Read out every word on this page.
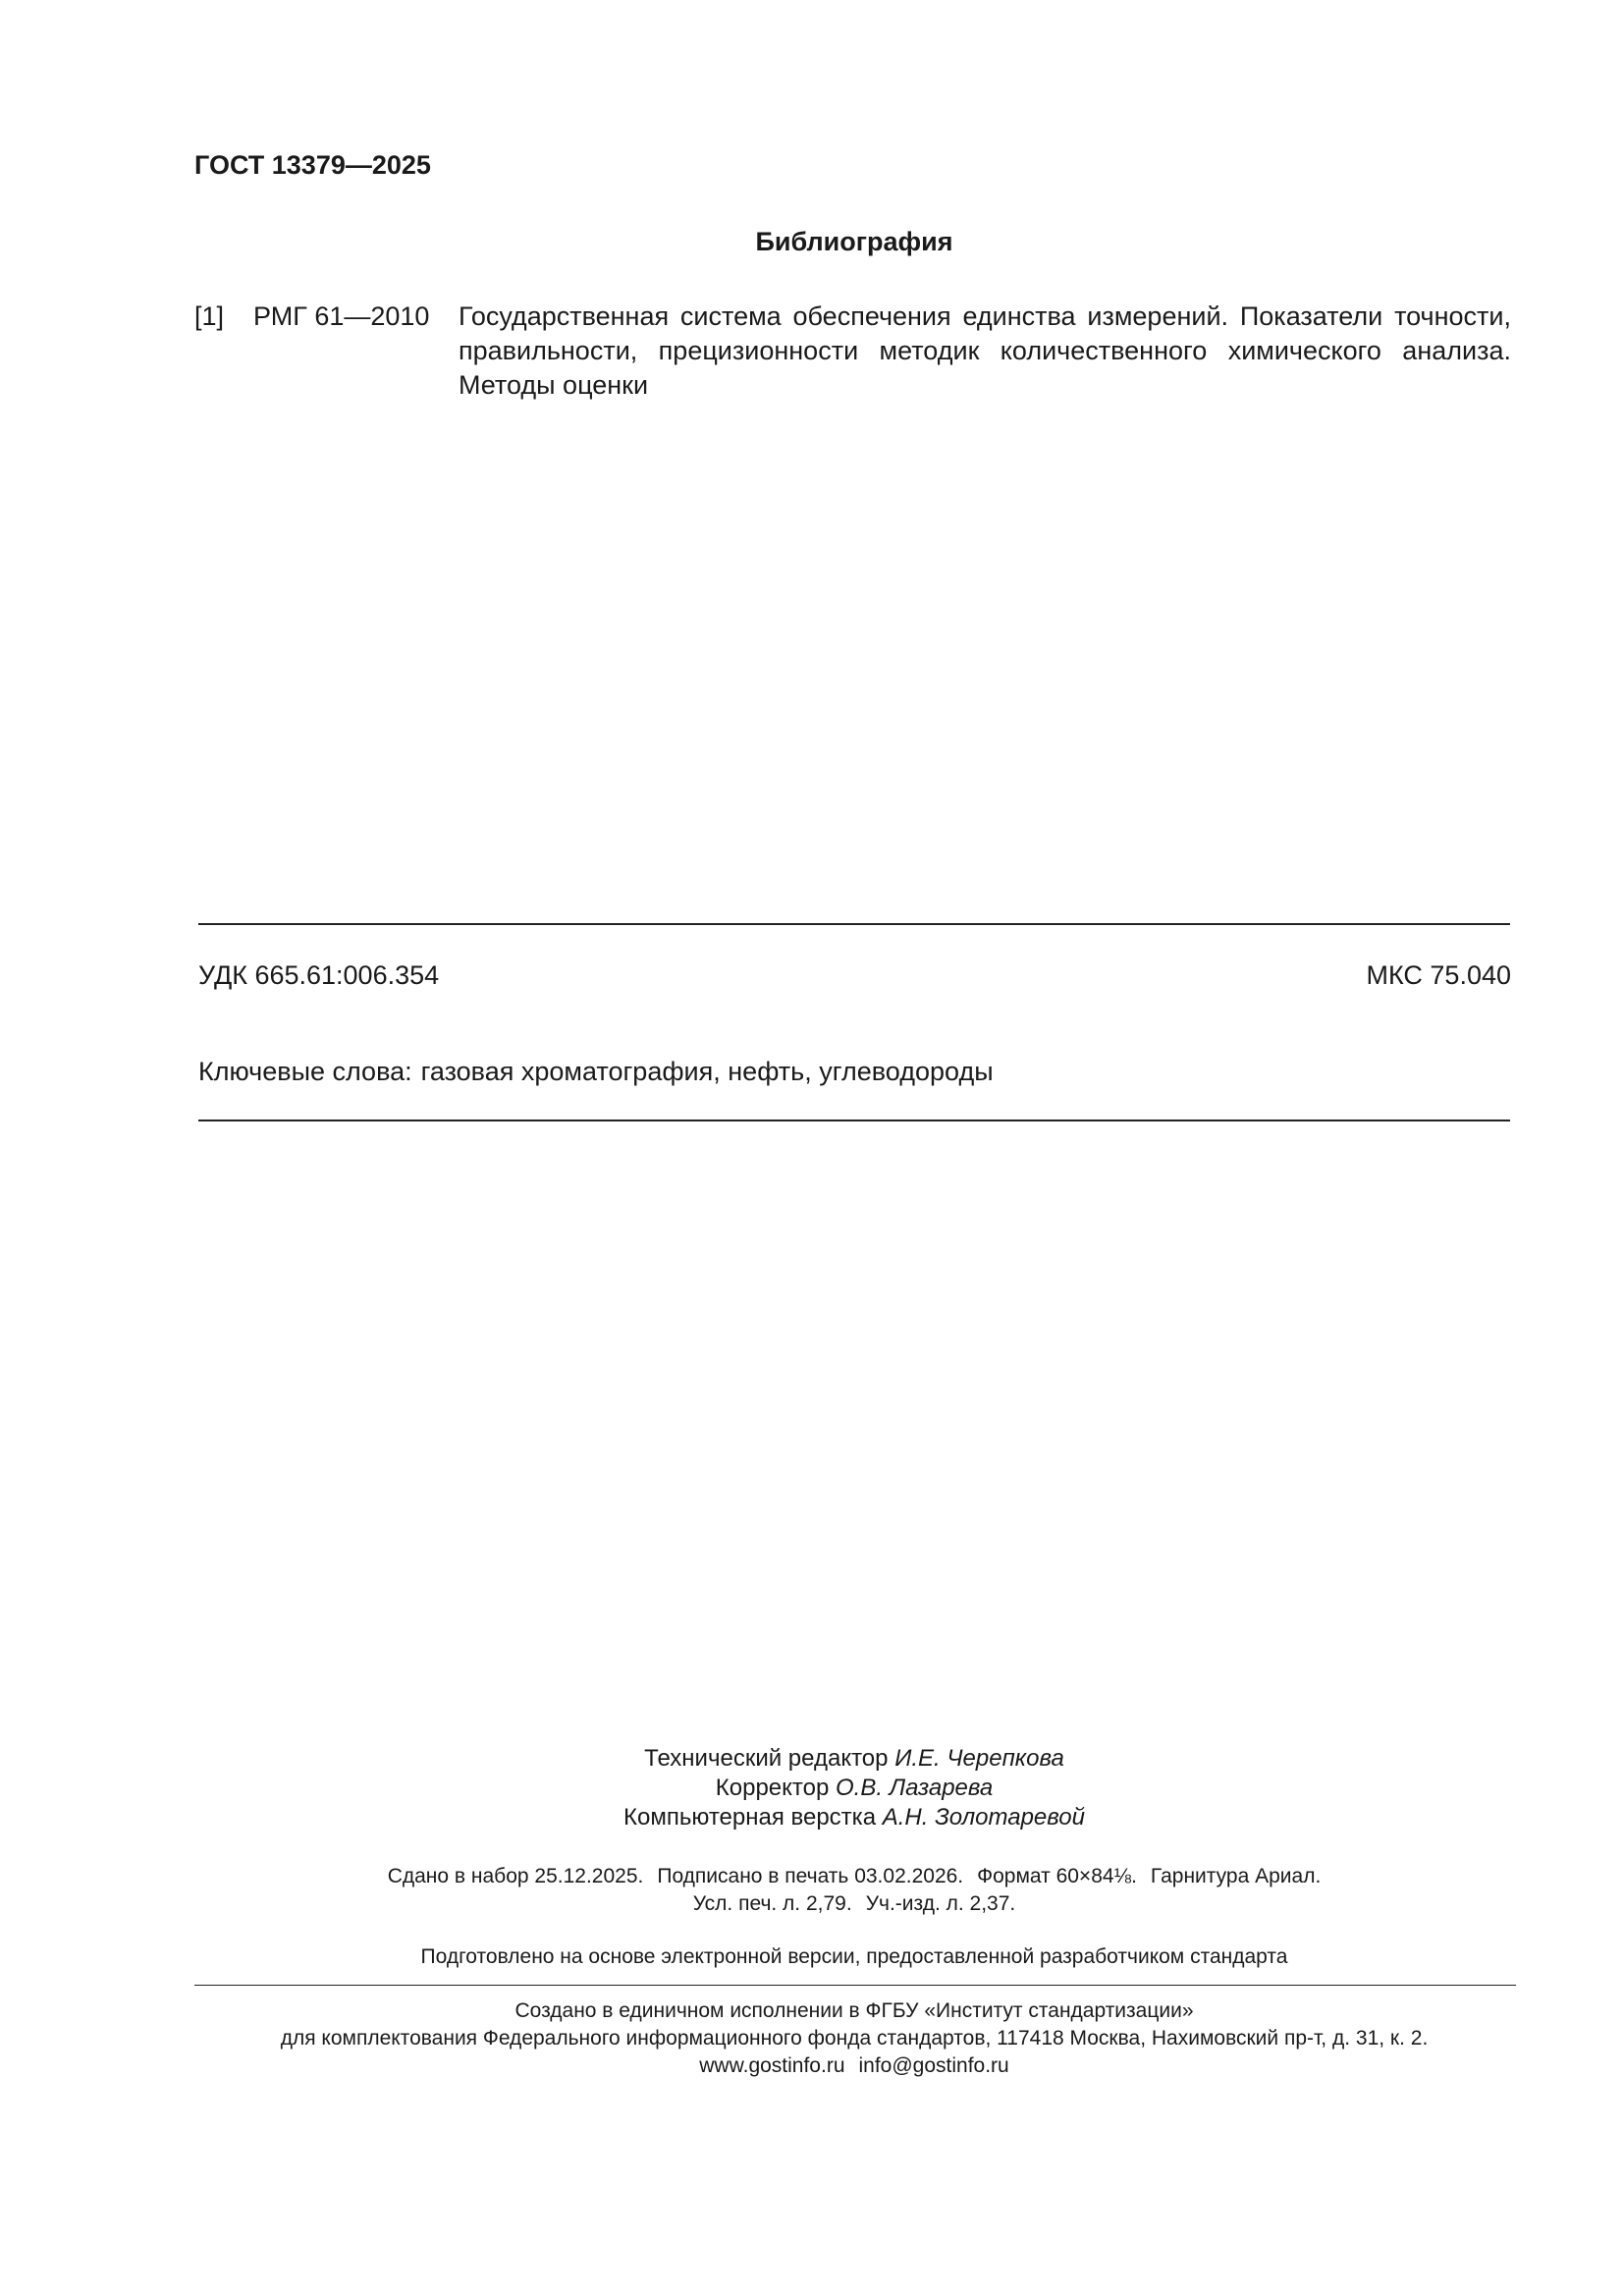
ГОСТ 13379—2025
Библиография
[1] РМГ 61—2010 Государственная система обеспечения единства измерений. Показатели точности, правильности, прецизионности методик количественного химического анализа. Методы оценки
УДК 665.61:006.354	МКС 75.040
Ключевые слова: газовая хроматография, нефть, углеводороды
Технический редактор И.Е. Черепкова
Корректор О.В. Лазарева
Компьютерная верстка А.Н. Золотаревой
Сдано в набор 25.12.2025. Подписано в печать 03.02.2026. Формат 60×84⅛. Гарнитура Ариал.
Усл. печ. л. 2,79. Уч.-изд. л. 2,37.
Подготовлено на основе электронной версии, предоставленной разработчиком стандарта
Создано в единичном исполнении в ФГБУ «Институт стандартизации»
для комплектования Федерального информационного фонда стандартов, 117418 Москва, Нахимовский пр-т, д. 31, к. 2.
www.gostinfo.ru info@gostinfo.ru
